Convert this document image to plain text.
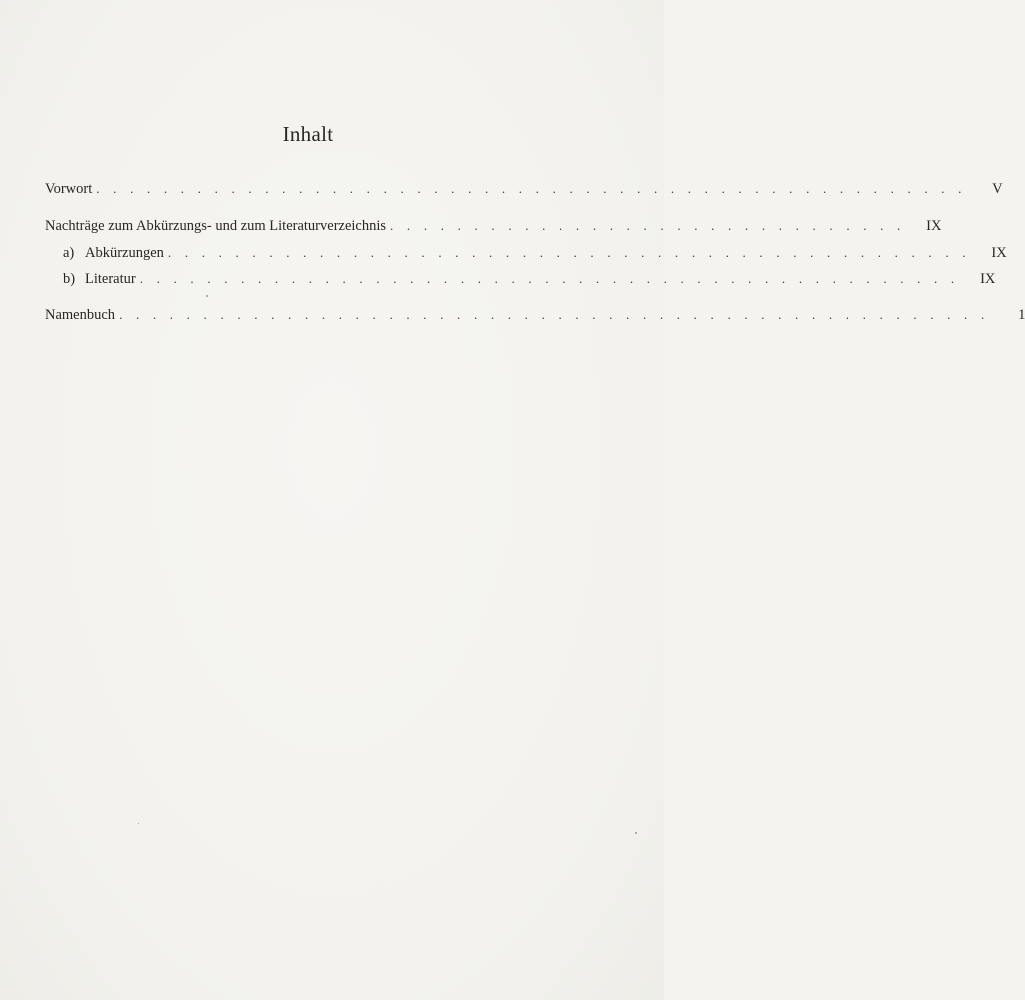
Inhalt
Vorwort . . . . . . . . . . . . . . . . . . . . . . . . . . . . . . . . . . . . . . . . . . . . . . . . . . . .	V
Nachträge zum Abkürzungs- und zum Literaturverzeichnis . . . . . . . . . . . . . . . . . . . . . . . . . . . . . . .	IX
a) Abkürzungen . . . . . . . . . . . . . . . . . . . . . . . . . . . . . . . . . . . . . . . . . . . . . . . .	IX
b) Literatur . . . . . . . . . . . . . . . . . . . . . . . . . . . . . . . . . . . . . . . . . . . . . . . . .	IX
Namenbuch . . . . . . . . . . . . . . . . . . . . . . . . . . . . . . . . . . . . . . . . . . . . . . . . . . . .	1
